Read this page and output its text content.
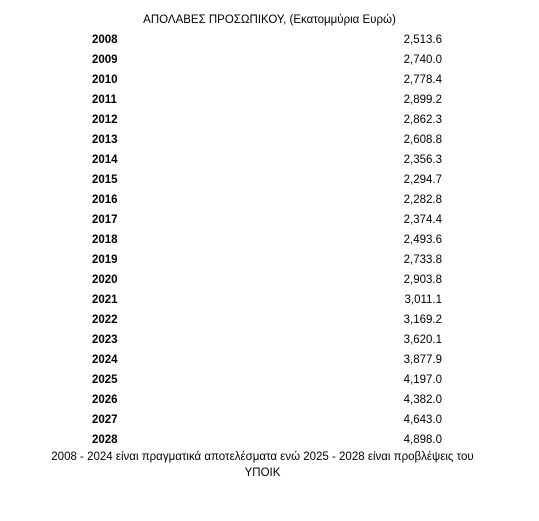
ΑΠΟΛΑΒΕΣ ΠΡΟΣΩΠΙΚΟΥ, (Εκατομμύρια Ευρώ)
2008	2,513.6
2009	2,740.0
2010	2,778.4
2011	2,899.2
2012	2,862.3
2013	2,608.8
2014	2,356.3
2015	2,294.7
2016	2,282.8
2017	2,374.4
2018	2,493.6
2019	2,733.8
2020	2,903.8
2021	3,011.1
2022	3,169.2
2023	3,620.1
2024	3,877.9
2025	4,197.0
2026	4,382.0
2027	4,643.0
2028	4,898.0
2008 - 2024 είναι πραγματικά αποτελέσματα ενώ 2025 - 2028 είναι προβλέψεις του
ΥΠΟΙΚ
